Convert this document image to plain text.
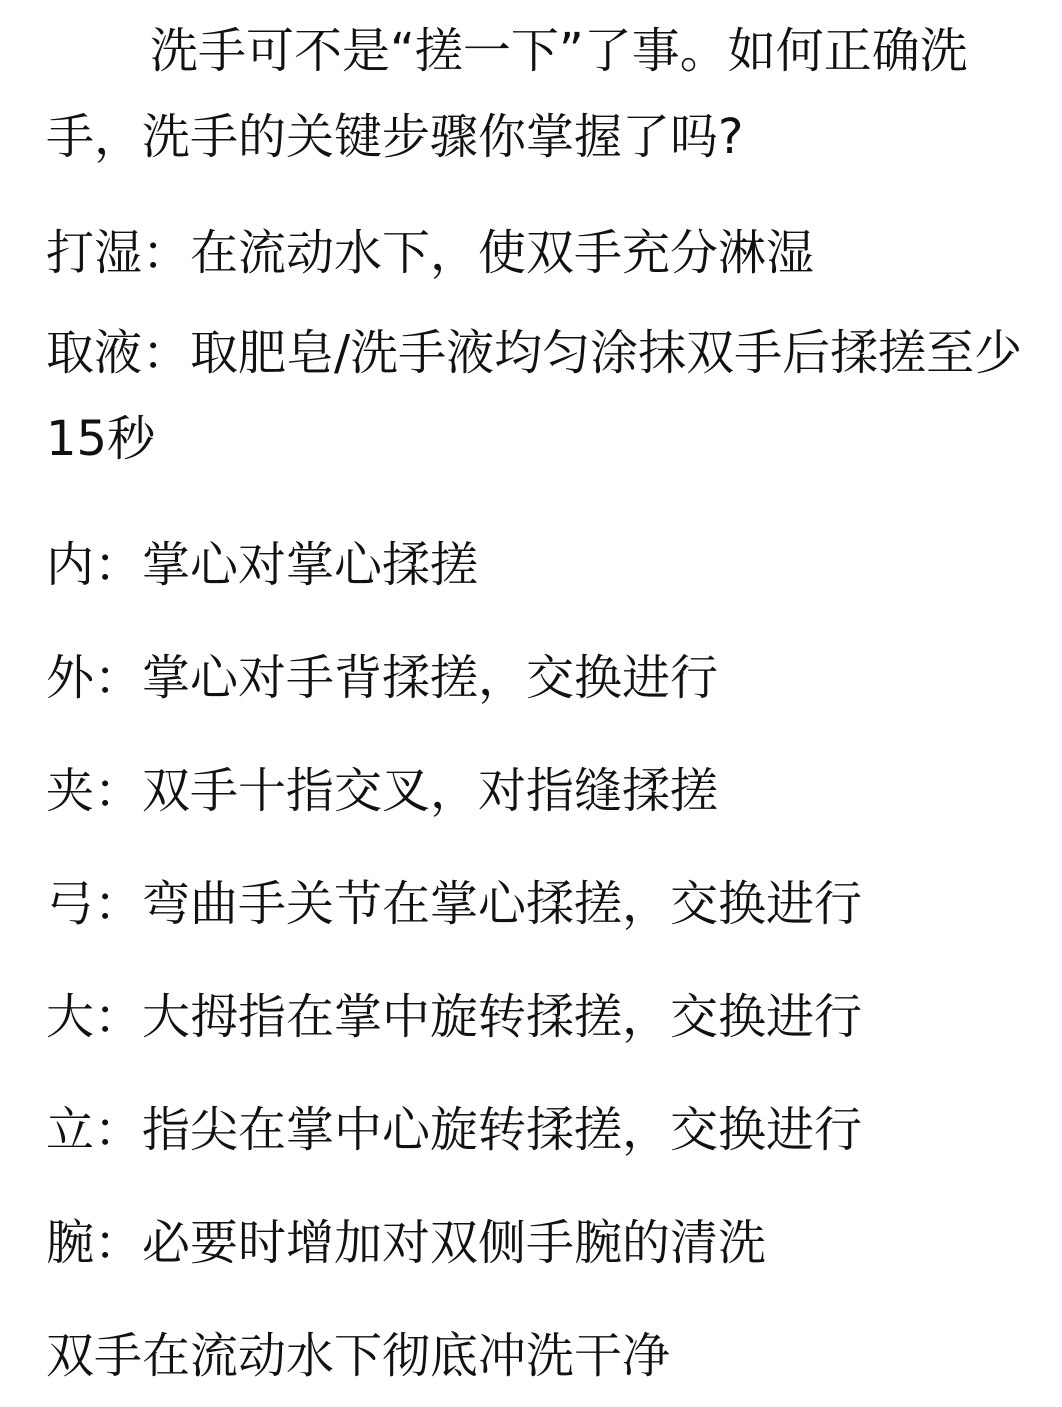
洗手可不是“搓一下”了事。如何正确洗手，洗手的关键步骤你掌握了吗?

打湿：在流动水下，使双手充分淋湿

取液：取肥皂/洗手液均匀涂抹双手后揉搓至少15秒

内：掌心对掌心揉搓

外：掌心对手背揉搓，交换进行

夹：双手十指交叉，对指缝揉搓

弓：弯曲手关节在掌心揉搓，交换进行

大：大拇指在掌中旋转揉搓，交换进行

立：指尖在掌中心旋转揉搓，交换进行

腕：必要时增加对双侧手腕的清洗

双手在流动水下彻底冲洗干净
